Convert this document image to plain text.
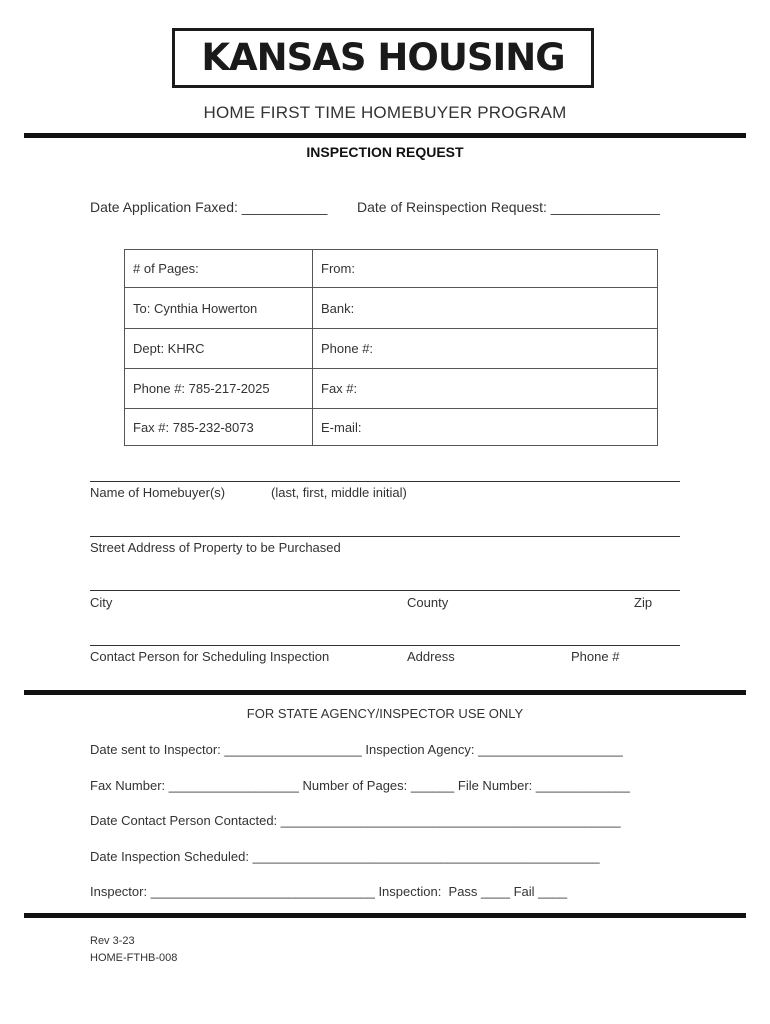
KANSAS HOUSING
HOME FIRST TIME HOMEBUYER PROGRAM
INSPECTION REQUEST
Date Application Faxed: ___________ Date of Reinspection Request: ______________
# of Pages:	From:
To: Cynthia Howerton	Bank:
Dept: KHRC	Phone #:
Phone #: 785-217-2025	Fax #:
Fax #: 785-232-8073	E-mail:
Name of Homebuyer(s)	(last, first, middle initial)
Street Address of Property to be Purchased
City	County	Zip
Contact Person for Scheduling Inspection	Address	Phone #
FOR STATE AGENCY/INSPECTOR USE ONLY
Date sent to Inspector: ___________________ Inspection Agency: ____________________
Fax Number: __________________ Number of Pages: ______ File Number: _____________
Date Contact Person Contacted: _______________________________________________
Date Inspection Scheduled: ________________________________________________
Inspector: _______________________________ Inspection:  Pass ____ Fail ____
Rev 3-23
HOME-FTHB-008
